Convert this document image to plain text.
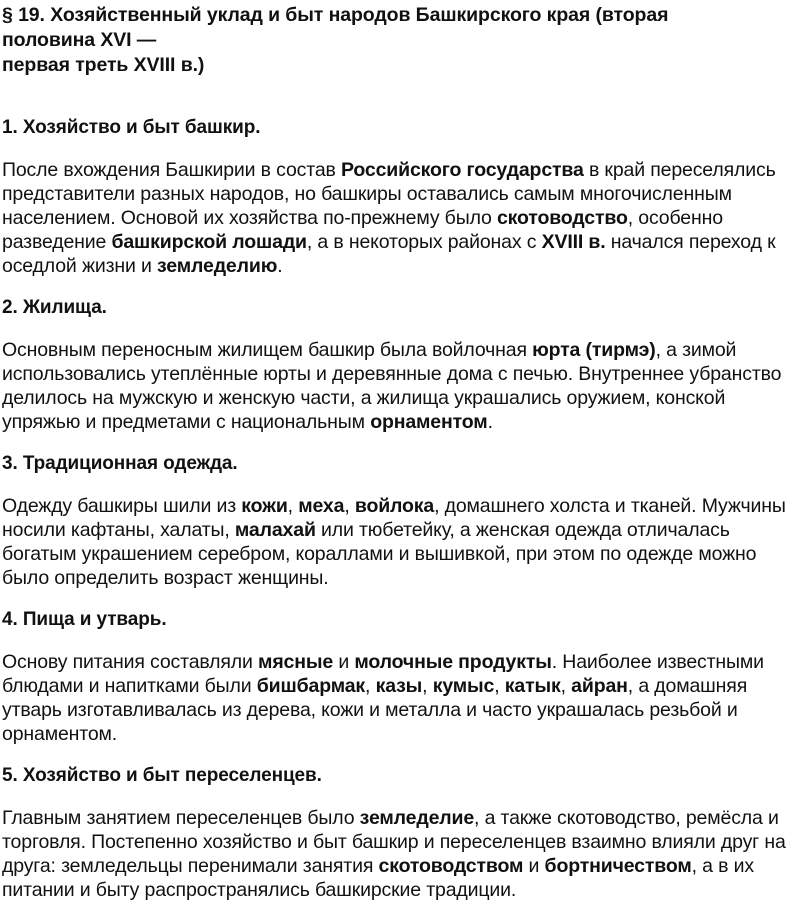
§ 19. Хозяйственный уклад и быт народов Башкирского края (вторая
половина XVI —
первая треть XVIII в.)
1. Хозяйство и быт башкир.

После вхождения Башкирии в состав Российского государства в край переселялись представители разных народов, но башкиры оставались самым многочисленным населением. Основой их хозяйства по-прежнему было скотоводство, особенно разведение башкирской лошади, а в некоторых районах с XVIII в. начался переход к оседлой жизни и земледелию.

2. Жилища.

Основным переносным жилищем башкир была войлочная юрта (тирмэ), а зимой использовались утеплённые юрты и деревянные дома с печью. Внутреннее убранство делилось на мужскую и женскую части, а жилища украшались оружием, конской упряжью и предметами с национальным орнаментом.

3. Традиционная одежда.

Одежду башкиры шили из кожи, меха, войлока, домашнего холста и тканей. Мужчины носили кафтаны, халаты, малахай или тюбетейку, а женская одежда отличалась богатым украшением серебром, кораллами и вышивкой, при этом по одежде можно было определить возраст женщины.

4. Пища и утварь.

Основу питания составляли мясные и молочные продукты. Наиболее известными блюдами и напитками были бишбармак, казы, кумыс, катык, айран, а домашняя утварь изготавливалась из дерева, кожи и металла и часто украшалась резьбой и орнаментом.

5. Хозяйство и быт переселенцев.

Главным занятием переселенцев было земледелие, а также скотоводство, ремёсла и торговля. Постепенно хозяйство и быт башкир и переселенцев взаимно влияли друг на друга: земледельцы перенимали занятия скотоводством и бортничеством, а в их питании и быту распространялись башкирские традиции.
